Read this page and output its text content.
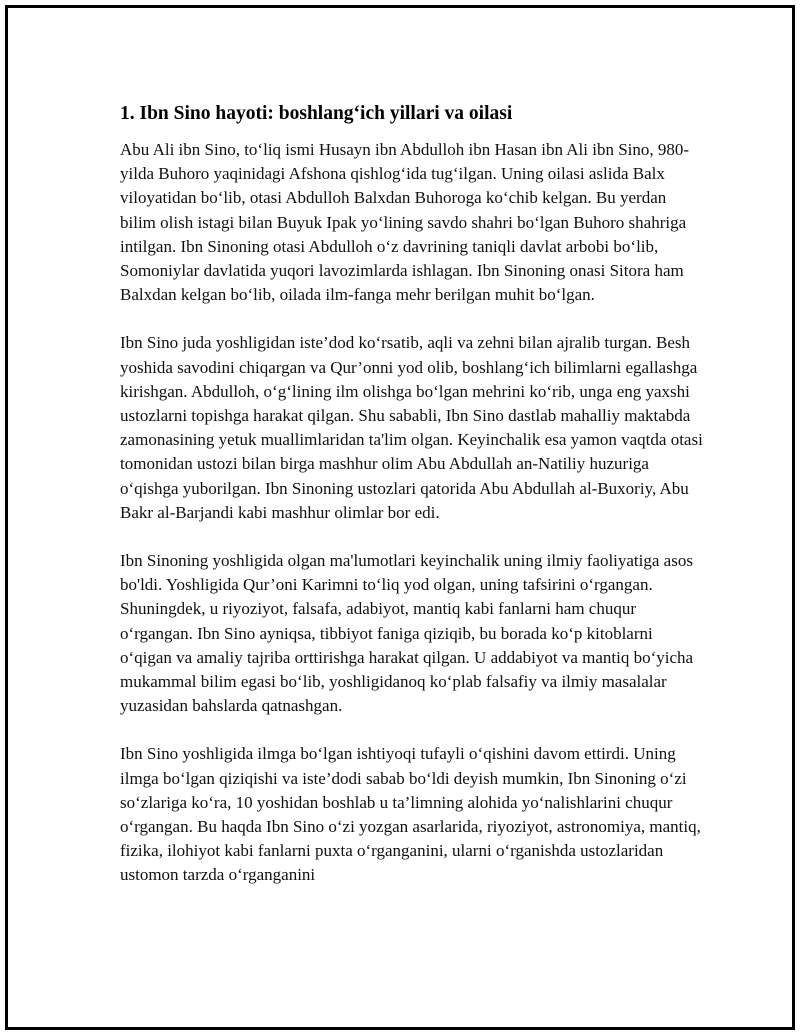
1. Ibn Sino hayoti: boshlang‘ich yillari va oilasi

Abu Ali ibn Sino, to‘liq ismi Husayn ibn Abdulloh ibn Hasan ibn Ali ibn Sino, 980-yilda Buhoro yaqinidagi Afshona qishlog‘ida tug‘ilgan. Uning oilasi aslida Balx viloyatidan bo‘lib, otasi Abdulloh Balxdan Buhoroga ko‘chib kelgan. Bu yerdan bilim olish istagi bilan Buyuk Ipak yo‘lining savdo shahri bo‘lgan Buhoro shahriga intilgan. Ibn Sinoning otasi Abdulloh o‘z davrining taniqli davlat arbobi bo‘lib, Somoniylar davlatida yuqori lavozimlarda ishlagan. Ibn Sinoning onasi Sitora ham Balxdan kelgan bo‘lib, oilada ilm-fanga mehr berilgan muhit bo‘lgan.

Ibn Sino juda yoshligidan iste’dod ko‘rsatib, aqli va zehni bilan ajralib turgan. Besh yoshida savodini chiqargan va Qur’onni yod olib, boshlang‘ich bilimlarni egallashga kirishgan. Abdulloh, o‘g‘lining ilm olishga bo‘lgan mehrini ko‘rib, unga eng yaxshi ustozlarni topishga harakat qilgan. Shu sababli, Ibn Sino dastlab mahalliy maktabda zamonasining yetuk muallimlaridan ta'lim olgan. Keyinchalik esa yamon vaqtda otasi tomonidan ustozi bilan birga mashhur olim Abu Abdullah an-Natiliy huzuriga o‘qishga yuborilgan. Ibn Sinoning ustozlari qatorida Abu Abdullah al-Buxoriy, Abu Bakr al-Barjandi kabi mashhur olimlar bor edi.

Ibn Sinoning yoshligida olgan ma'lumotlari keyinchalik uning ilmiy faoliyatiga asos bo'ldi. Yoshligida Qur’oni Karimni to‘liq yod olgan, uning tafsirini o‘rgangan. Shuningdek, u riyoziyot, falsafa, adabiyot, mantiq kabi fanlarni ham chuqur o‘rgangan. Ibn Sino ayniqsa, tibbiyot faniga qiziqib, bu borada ko‘p kitoblarni o‘qigan va amaliy tajriba orttirishga harakat qilgan. U addabiyot va mantiq bo‘yicha mukammal bilim egasi bo‘lib, yoshligidanoq ko‘plab falsafiy va ilmiy masalalar yuzasidan bahslarda qatnashgan.

Ibn Sino yoshligida ilmga bo‘lgan ishtiyoqi tufayli o‘qishini davom ettirdi. Uning ilmga bo‘lgan qiziqishi va iste’dodi sabab bo‘ldi deyish mumkin, Ibn Sinoning o‘zi so‘zlariga ko‘ra, 10 yoshidan boshlab u ta’limning alohida yo‘nalishlarini chuqur o‘rgangan. Bu haqda Ibn Sino o‘zi yozgan asarlarida, riyoziyot, astronomiya, mantiq, fizika, ilohiyot kabi fanlarni puxta o‘rganganini, ularni o‘rganishda ustozlaridan ustomon tarzda o‘rganganini
